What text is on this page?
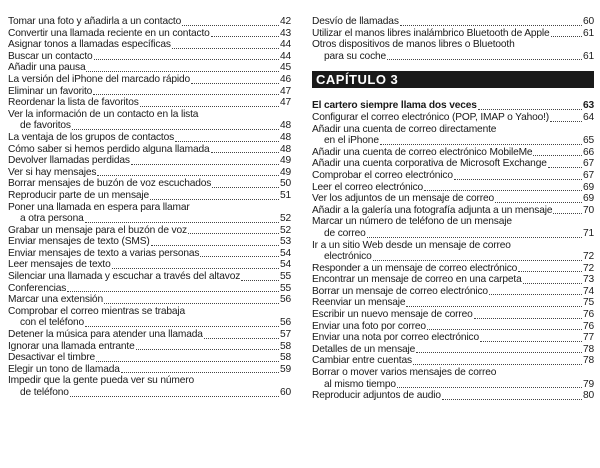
Tomar una foto y añadirla a un contacto	42
Convertir una llamada reciente en un contacto	43
Asignar tonos a llamadas específicas	44
Buscar un contacto	44
Añadir una pausa	45
La versión del iPhone del marcado rápido	46
Eliminar un favorito	47
Reordenar la lista de favoritos	47
Ver la información de un contacto en la lista
de favoritos	48
La ventaja de los grupos de contactos	48
Cómo saber si hemos perdido alguna llamada	48
Devolver llamadas perdidas	49
Ver si hay mensajes	49
Borrar mensajes de buzón de voz escuchados	50
Reproducir parte de un mensaje	51
Poner una llamada en espera para llamar
a otra persona	52
Grabar un mensaje para el buzón de voz	52
Enviar mensajes de texto (SMS)	53
Enviar mensajes de texto a varias personas	54
Leer mensajes de texto	54
Silenciar una llamada y escuchar a través del altavoz	55
Conferencias	55
Marcar una extensión	56
Comprobar el correo mientras se trabaja
con el teléfono	56
Detener la música para atender una llamada	57
Ignorar una llamada entrante	58
Desactivar el timbre	58
Elegir un tono de llamada	59
Impedir que la gente pueda ver su número
de teléfono	60
Desvío de llamadas	60
Utilizar el manos libres inalámbrico Bluetooth de Apple	61
Otros dispositivos de manos libres o Bluetooth
para su coche	61
CAPÍTULO 3
El cartero siempre llama dos veces	63
Configurar el correo electrónico (POP, IMAP o Yahoo!)	64
Añadir una cuenta de correo directamente
en el iPhone	65
Añadir una cuenta de correo electrónico MobileMe	66
Añadir una cuenta corporativa de Microsoft Exchange	67
Comprobar el correo electrónico	67
Leer el correo electrónico	69
Ver los adjuntos de un mensaje de correo	69
Añadir a la galería una fotografía adjunta a un mensaje	70
Marcar un número de teléfono de un mensaje
de correo	71
Ir a un sitio Web desde un mensaje de correo
electrónico	72
Responder a un mensaje de correo electrónico	72
Encontrar un mensaje de correo en una carpeta	73
Borrar un mensaje de correo electrónico	74
Reenviar un mensaje	75
Escribir un nuevo mensaje de correo	76
Enviar una foto por correo	76
Enviar una nota por correo electrónico	77
Detalles de un mensaje	78
Cambiar entre cuentas	78
Borrar o mover varios mensajes de correo
al mismo tiempo	79
Reproducir adjuntos de audio	80
